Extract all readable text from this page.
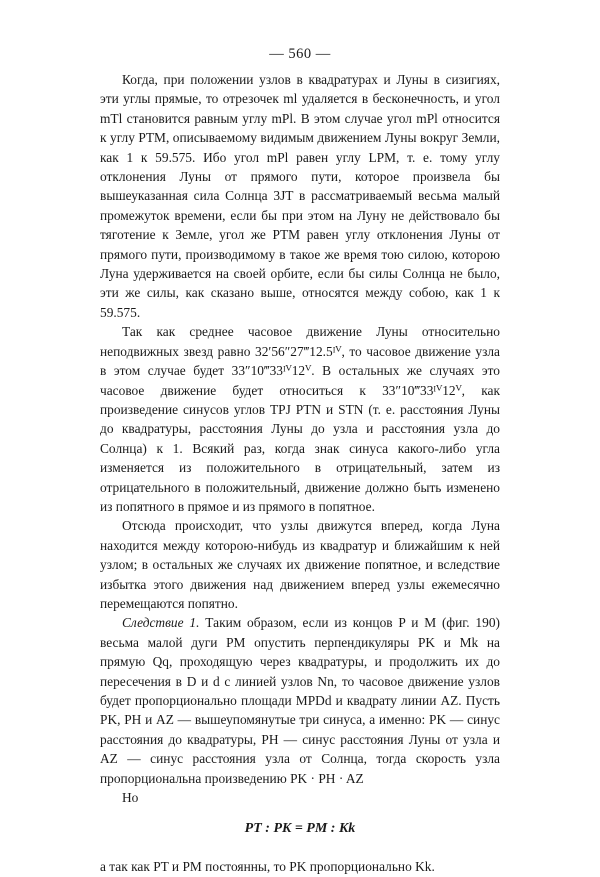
— 560 —

Когда, при положении узлов в квадратурах и Луны в сизигиях, эти углы прямые, то отрезочек ml удаляется в бесконечность, и угол mTl становится равным углу mPl. В этом случае угол mPl относится к углу PTM, описываемому видимым движением Луны вокруг Земли, как 1 к 59.575. Ибо угол mPl равен углу LPM, т. е. тому углу отклонения Луны от прямого пути, которое произвела бы вышеуказанная сила Солнца 3JT в рассматриваемый весьма малый промежуток времени, если бы при этом на Луну не действовало бы тяготение к Земле, угол же PTM равен углу отклонения Луны от прямого пути, производимому в такое же время тою силою, которою Луна удерживается на своей орбите, если бы силы Солнца не было, эти же силы, как сказано выше, относятся между собою, как 1 к 59.575.

Так как среднее часовое движение Луны относительно неподвижных звезд равно 32′56″27‴12.5ᴵⱽ, то часовое движение узла в этом случае будет 33″10‴33ᴵⱽ12ⱽ. В остальных же случаях это часовое движение будет относиться к 33″10‴33ᴵⱽ12ⱽ, как произведение синусов углов TPJ PTN и STN (т. е. расстояния Луны до квадратуры, расстояния Луны до узла и расстояния узла до Солнца) к 1. Всякий раз, когда знак синуса какого-либо угла изменяется из положительного в отрицательный, затем из отрицательного в положительный, движение должно быть изменено из попятного в прямое и из прямого в попятное.

Отсюда происходит, что узлы движутся вперед, когда Луна находится между которою-нибудь из квадратур и ближайшим к ней узлом; в остальных же случаях их движение попятное, и вследствие избытка этого движения над движением вперед узлы ежемесячно перемещаются попятно.

Следствие 1. Таким образом, если из концов P и M (фиг. 190) весьма малой дуги PM опустить перпендикуляры PK и Mk на прямую Qq, проходящую через квадратуры, и продолжить их до пересечения в D и d с линией узлов Nn, то часовое движение узлов будет пропорционально площади MPDd и квадрату линии AZ. Пусть PK, PH и AZ — вышеупомянутые три синуса, а именно: PK — синус расстояния до квадратуры, PH — синус расстояния Луны от узла и AZ — синус расстояния узла от Солнца, тогда скорость узла пропорциональна произведению PK · PH · AZ

Но

PT : PK = PM : Kk

а так как PT и PM постоянны, то PK пропорционально Kk.
